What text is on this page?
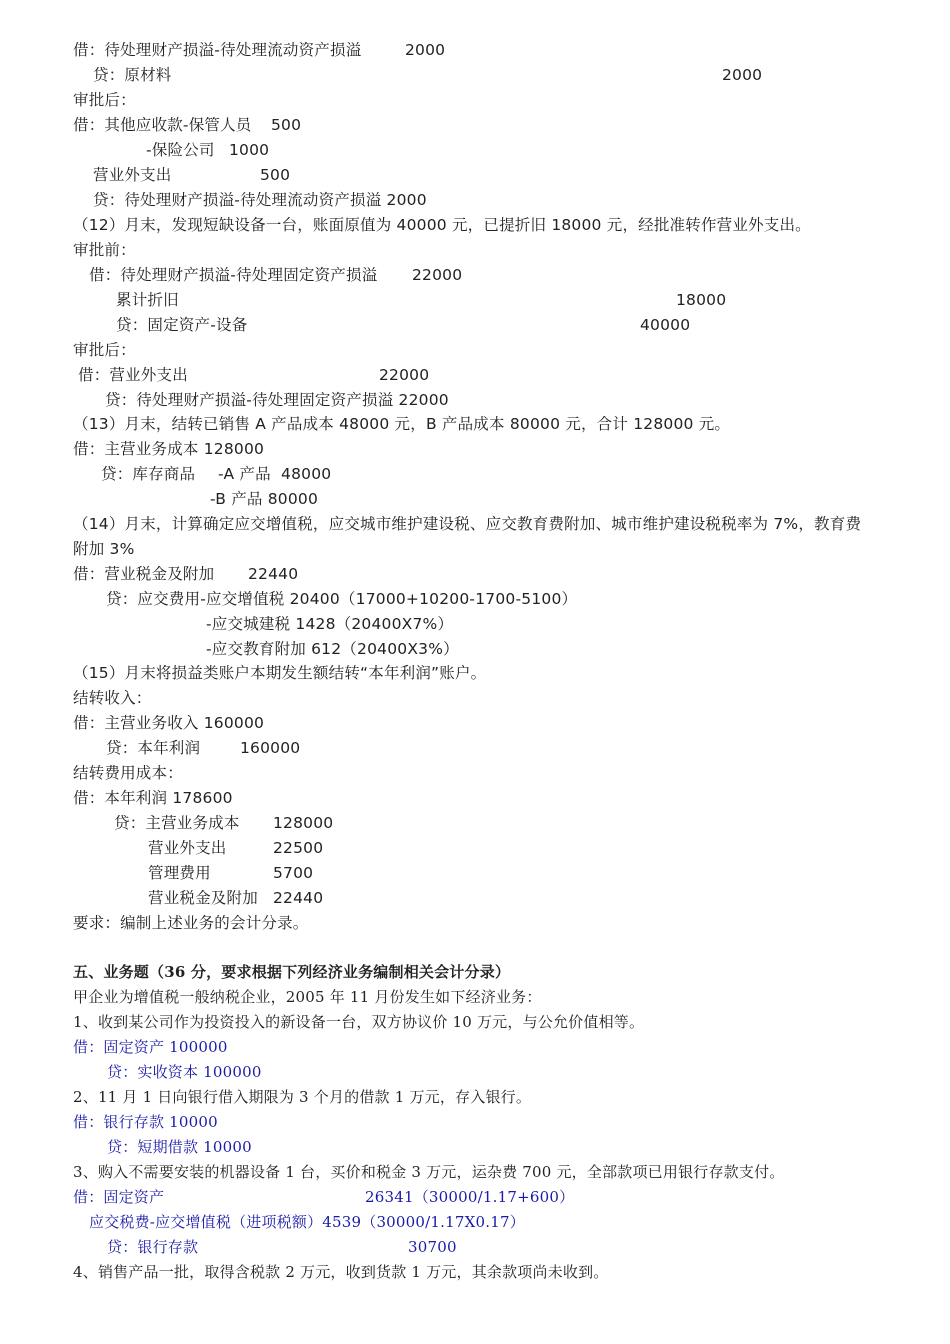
借：待处理财产损溢-待处理流动资产损溢	2000
贷：原材料	2000
审批后：
借：其他应收款-保管人员 500
-保险公司 1000
营业外支出	500
贷：待处理财产损溢-待处理流动资产损溢 2000
（12）月末，发现短缺设备一台，账面原值为 40000 元，已提折旧 18000 元，经批准转作营业外支出。
审批前：
借：待处理财产损溢-待处理固定资产损溢 22000
累计折旧	18000
贷：固定资产-设备	40000
审批后：
借：营业外支出	22000
贷：待处理财产损溢-待处理固定资产损溢 22000
（13）月末，结转已销售 A 产品成本 48000 元，B 产品成本 80000 元，合计 128000 元。
借：主营业务成本 128000
贷：库存商品 -A 产品  48000
-B 产品 80000
（14）月末，计算确定应交增值税，应交城市维护建设税、应交教育费附加、城市维护建设税税率为 7%，教育费
附加 3%
借：营业税金及附加 22440
贷：应交费用-应交增值税 20400（17000+10200-1700-5100）
-应交城建税 1428（20400X7%）
-应交教育附加 612（20400X3%）
（15）月末将损益类账户本期发生额结转“本年利润”账户。
结转收入：
借：主营业务收入 160000
贷：本年利润	160000
结转费用成本：
借：本年利润 178600
贷：主营业务成本 128000
营业外支出	22500
管理费用	5700
营业税金及附加 22440
要求：编制上述业务的会计分录。
五、业务题（36 分，要求根据下列经济业务编制相关会计分录）
甲企业为增值税一般纳税企业，2005 年 11 月份发生如下经济业务：
1、收到某公司作为投资投入的新设备一台，双方协议价 10 万元，与公允价值相等。
借：固定资产 100000
贷：实收资本 100000
2、11 月 1 日向银行借入期限为 3 个月的借款 1 万元，存入银行。
借：银行存款 10000
贷：短期借款 10000
3、购入不需要安装的机器设备 1 台，买价和税金 3 万元，运杂费 700 元，全部款项已用银行存款支付。
借：固定资产	26341（30000/1.17+600）
应交税费-应交增值税（进项税额）4539（30000/1.17X0.17）
贷：银行存款	30700
4、销售产品一批，取得含税款 2 万元，收到货款 1 万元，其余款项尚未收到。
